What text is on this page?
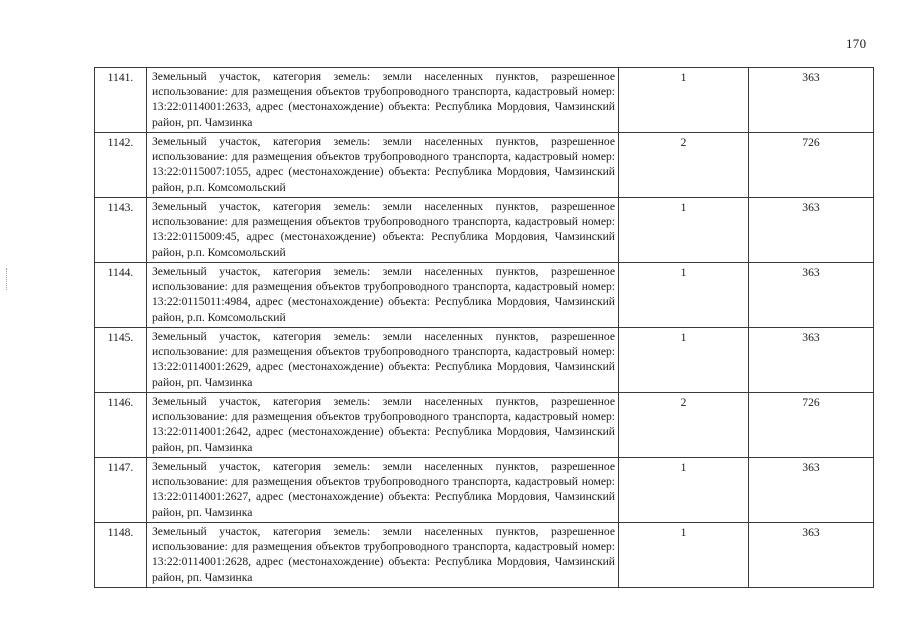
170
1141.	Земельный участок, категория земель: земли населенных пунктов, разрешенное использование: для размещения объектов трубопроводного транспорта, кадастровый номер: 13:22:0114001:2633, адрес (местонахождение) объекта: Республика Мордовия, Чамзинский район, рп. Чамзинка	1	363
1142.	Земельный участок, категория земель: земли населенных пунктов, разрешенное использование: для размещения объектов трубопроводного транспорта, кадастровый номер: 13:22:0115007:1055, адрес (местонахождение) объекта: Республика Мордовия, Чамзинский район, р.п. Комсомольский	2	726
1143.	Земельный участок, категория земель: земли населенных пунктов, разрешенное использование: для размещения объектов трубопроводного транспорта, кадастровый номер: 13:22:0115009:45, адрес (местонахождение) объекта: Республика Мордовия, Чамзинский район, р.п. Комсомольский	1	363
1144.	Земельный участок, категория земель: земли населенных пунктов, разрешенное использование: для размещения объектов трубопроводного транспорта, кадастровый номер: 13:22:0115011:4984, адрес (местонахождение) объекта: Республика Мордовия, Чамзинский район, р.п. Комсомольский	1	363
1145.	Земельный участок, категория земель: земли населенных пунктов, разрешенное использование: для размещения объектов трубопроводного транспорта, кадастровый номер: 13:22:0114001:2629, адрес (местонахождение) объекта: Республика Мордовия, Чамзинский район, рп. Чамзинка	1	363
1146.	Земельный участок, категория земель: земли населенных пунктов, разрешенное использование: для размещения объектов трубопроводного транспорта, кадастровый номер: 13:22:0114001:2642, адрес (местонахождение) объекта: Республика Мордовия, Чамзинский район, рп. Чамзинка	2	726
1147.	Земельный участок, категория земель: земли населенных пунктов, разрешенное использование: для размещения объектов трубопроводного транспорта, кадастровый номер: 13:22:0114001:2627, адрес (местонахождение) объекта: Республика Мордовия, Чамзинский район, рп. Чамзинка	1	363
1148.	Земельный участок, категория земель: земли населенных пунктов, разрешенное использование: для размещения объектов трубопроводного транспорта, кадастровый номер: 13:22:0114001:2628, адрес (местонахождение) объекта: Республика Мордовия, Чамзинский район, рп. Чамзинка	1	363
